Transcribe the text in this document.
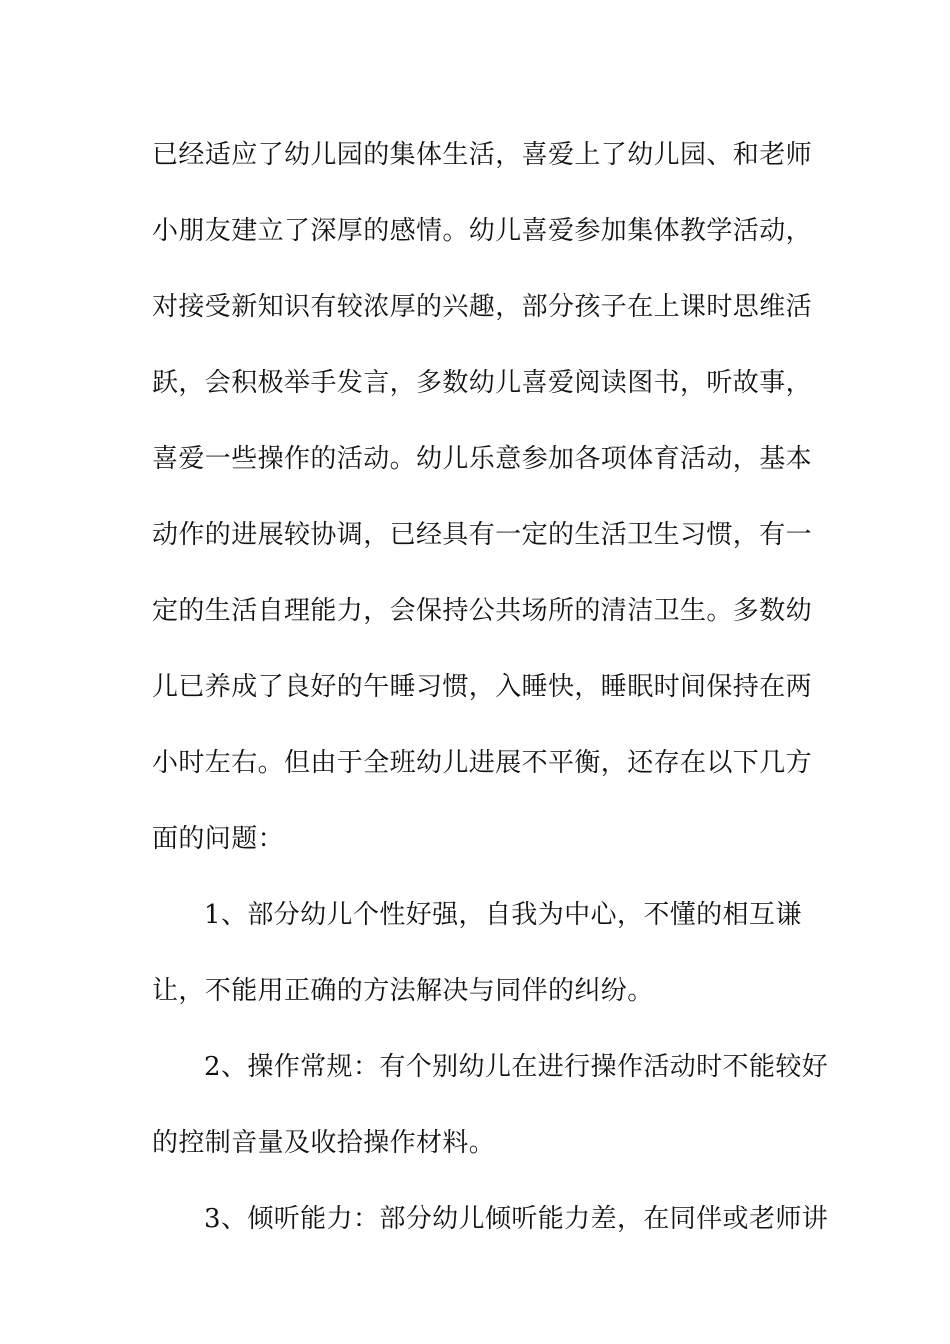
已经适应了幼儿园的集体生活，喜爱上了幼儿园、和老师
小朋友建立了深厚的感情。幼儿喜爱参加集体教学活动，
对接受新知识有较浓厚的兴趣，部分孩子在上课时思维活
跃，会积极举手发言，多数幼儿喜爱阅读图书，听故事，
喜爱一些操作的活动。幼儿乐意参加各项体育活动，基本
动作的进展较协调，已经具有一定的生活卫生习惯，有一
定的生活自理能力，会保持公共场所的清洁卫生。多数幼
儿已养成了良好的午睡习惯，入睡快，睡眠时间保持在两
小时左右。但由于全班幼儿进展不平衡，还存在以下几方
面的问题：
1、部分幼儿个性好强，自我为中心，不懂的相互谦
让，不能用正确的方法解决与同伴的纠纷。
2、操作常规：有个别幼儿在进行操作活动时不能较好
的控制音量及收拾操作材料。
3、倾听能力：部分幼儿倾听能力差，在同伴或老师讲
